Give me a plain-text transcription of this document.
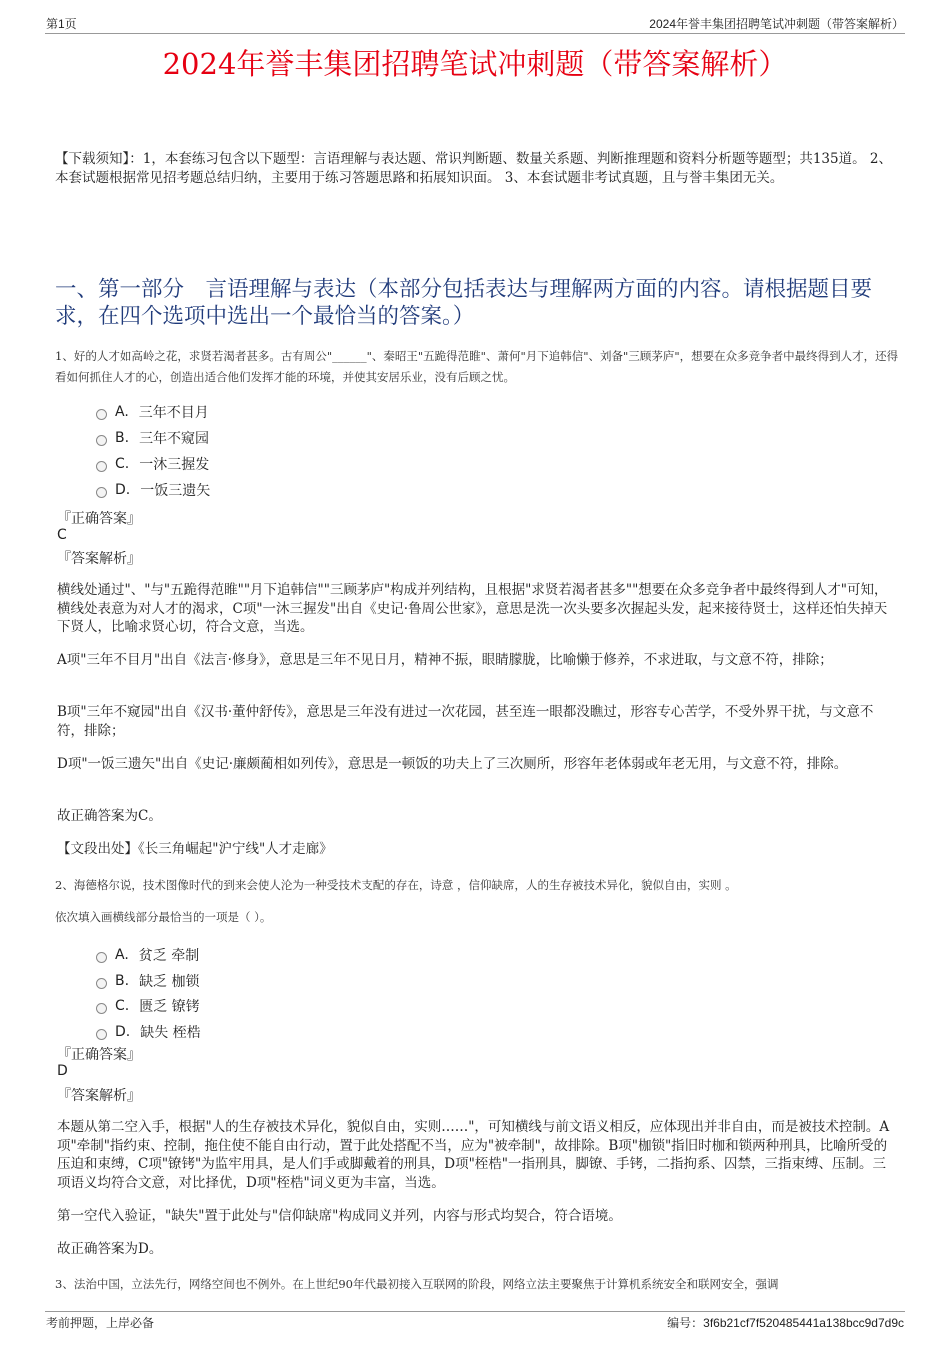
第1页	2024年誉丰集团招聘笔试冲刺题（带答案解析）
2024年誉丰集团招聘笔试冲刺题（带答案解析）
【下载须知】：1，本套练习包含以下题型：言语理解与表达题、常识判断题、数量关系题、判断推理题和资料分析题等题型；共135道。 2、本套试题根据常见招考题总结归纳，主要用于练习答题思路和拓展知识面。 3、本套试题非考试真题，且与誉丰集团无关。
一、第一部分　言语理解与表达（本部分包括表达与理解两方面的内容。请根据题目要求，在四个选项中选出一个最恰当的答案。）
1、好的人才如高岭之花，求贤若渴者甚多。古有周公"______"、秦昭王"五跪得范睢"、萧何"月下追韩信"、刘备"三顾茅庐"，想要在众多竞争者中最终得到人才，还得看如何抓住人才的心，创造出适合他们发挥才能的环境，并使其安居乐业，没有后顾之忧。
A. 三年不目月
B. 三年不窥园
C. 一沐三握发
D. 一饭三遗矢
『正确答案』
C
『答案解析』
横线处通过"、"与"五跪得范睢""月下追韩信""三顾茅庐"构成并列结构，且根据"求贤若渴者甚多""想要在众多竞争者中最终得到人才"可知，横线处表意为对人才的渴求，C项"一沐三握发"出自《史记·鲁周公世家》，意思是洗一次头要多次握起头发，起来接待贤士，这样还怕失掉天下贤人，比喻求贤心切，符合文意，当选。
A项"三年不目月"出自《法言·修身》，意思是三年不见日月，精神不振，眼睛朦胧，比喻懒于修养，不求进取，与文意不符，排除；
B项"三年不窥园"出自《汉书·董仲舒传》，意思是三年没有进过一次花园，甚至连一眼都没瞧过，形容专心苦学，不受外界干扰，与文意不符，排除；
D项"一饭三遗矢"出自《史记·廉颇蔺相如列传》，意思是一顿饭的功夫上了三次厕所，形容年老体弱或年老无用，与文意不符，排除。
故正确答案为C。
【文段出处】《长三角崛起"沪宁线"人才走廊》
2、海德格尔说，技术图像时代的到来会使人沦为一种受技术支配的存在，诗意 ，信仰缺席，人的生存被技术异化，貌似自由，实则 。
依次填入画横线部分最恰当的一项是（ ）。
A. 贫乏 牵制
B. 缺乏 枷锁
C. 匮乏 镣铐
D. 缺失 桎梏
『正确答案』
D
『答案解析』
本题从第二空入手，根据"人的生存被技术异化，貌似自由，实则……"，可知横线与前文语义相反，应体现出并非自由，而是被技术控制。A项"牵制"指约束、控制，拖住使不能自由行动，置于此处搭配不当，应为"被牵制"，故排除。B项"枷锁"指旧时枷和锁两种刑具，比喻所受的压迫和束缚，C项"镣铐"为监牢用具，是人们手或脚戴着的刑具，D项"桎梏"一指刑具，脚镣、手铐，二指拘系、囚禁，三指束缚、压制。三项语义均符合文意，对比择优，D项"桎梏"词义更为丰富，当选。
第一空代入验证，"缺失"置于此处与"信仰缺席"构成同义并列，内容与形式均契合，符合语境。
故正确答案为D。
3、法治中国，立法先行，网络空间也不例外。在上世纪90年代最初接入互联网的阶段，网络立法主要聚焦于计算机系统安全和联网安全，强调
考前押题，上岸必备	编号：3f6b21cf7f520485441a138bcc9d7d9c
